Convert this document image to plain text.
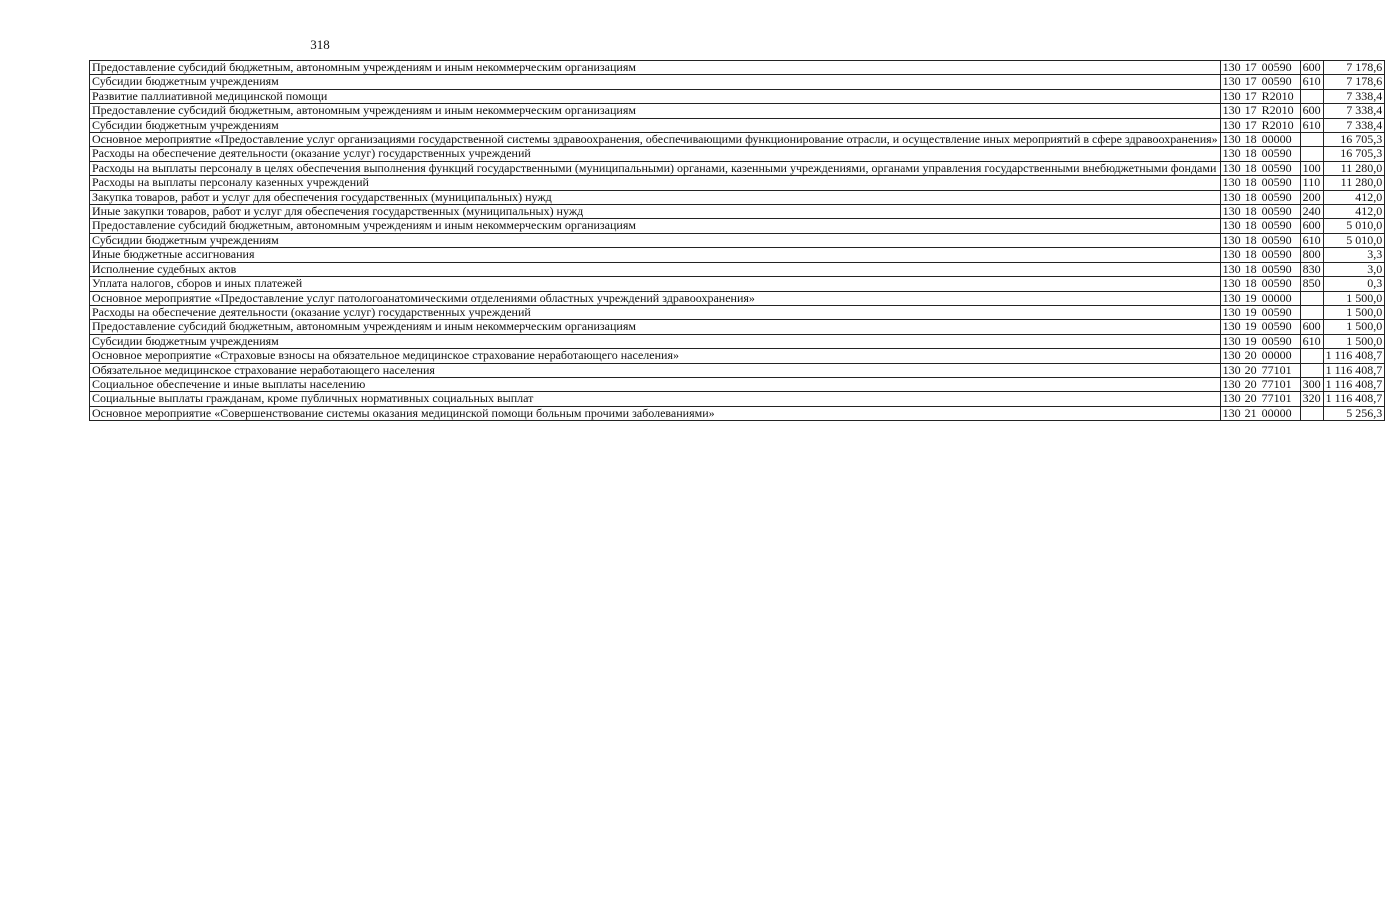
318
Предоставление субсидий бюджетным, автономным учреждениям и иным некоммерческим организациям	130 17 00590	600	7 178,6
Субсидии бюджетным учреждениям	130 17 00590	610	7 178,6
Развитие паллиативной медицинской помощи	130 17 R2010		7 338,4
Предоставление субсидий бюджетным, автономным учреждениям и иным некоммерческим организациям	130 17 R2010	600	7 338,4
Субсидии бюджетным учреждениям	130 17 R2010	610	7 338,4
Основное мероприятие «Предоставление услуг организациями государственной системы здравоохранения, обеспечивающими функционирование отрасли, и осуществление иных мероприятий в сфере здравоохранения»	130 18 00000		16 705,3
Расходы на обеспечение деятельности (оказание услуг) государственных учреждений	130 18 00590		16 705,3
Расходы на выплаты персоналу в целях обеспечения выполнения функций государственными (муниципальными) органами, казенными учреждениями, органами управления государственными внебюджетными фондами	130 18 00590	100	11 280,0
Расходы на выплаты персоналу казенных учреждений	130 18 00590	110	11 280,0
Закупка товаров, работ и услуг для обеспечения государственных (муниципальных) нужд	130 18 00590	200	412,0
Иные закупки товаров, работ и услуг для обеспечения государственных (муниципальных) нужд	130 18 00590	240	412,0
Предоставление субсидий бюджетным, автономным учреждениям и иным некоммерческим организациям	130 18 00590	600	5 010,0
Субсидии бюджетным учреждениям	130 18 00590	610	5 010,0
Иные бюджетные ассигнования	130 18 00590	800	3,3
Исполнение судебных актов	130 18 00590	830	3,0
Уплата налогов, сборов и иных платежей	130 18 00590	850	0,3
Основное мероприятие «Предоставление услуг патологоанатомическими отделениями областных учреждений здравоохранения»	130 19 00000		1 500,0
Расходы на обеспечение деятельности (оказание услуг) государственных учреждений	130 19 00590		1 500,0
Предоставление субсидий бюджетным, автономным учреждениям и иным некоммерческим организациям	130 19 00590	600	1 500,0
Субсидии бюджетным учреждениям	130 19 00590	610	1 500,0
Основное мероприятие «Страховые взносы на обязательное медицинское страхование неработающего населения»	130 20 00000		1 116 408,7
Обязательное медицинское страхование неработающего населения	130 20 77101		1 116 408,7
Социальное обеспечение и иные выплаты населению	130 20 77101	300	1 116 408,7
Социальные выплаты гражданам, кроме публичных нормативных социальных выплат	130 20 77101	320	1 116 408,7
Основное мероприятие «Совершенствование системы оказания медицинской помощи больным прочими заболеваниями»	130 21 00000		5 256,3
